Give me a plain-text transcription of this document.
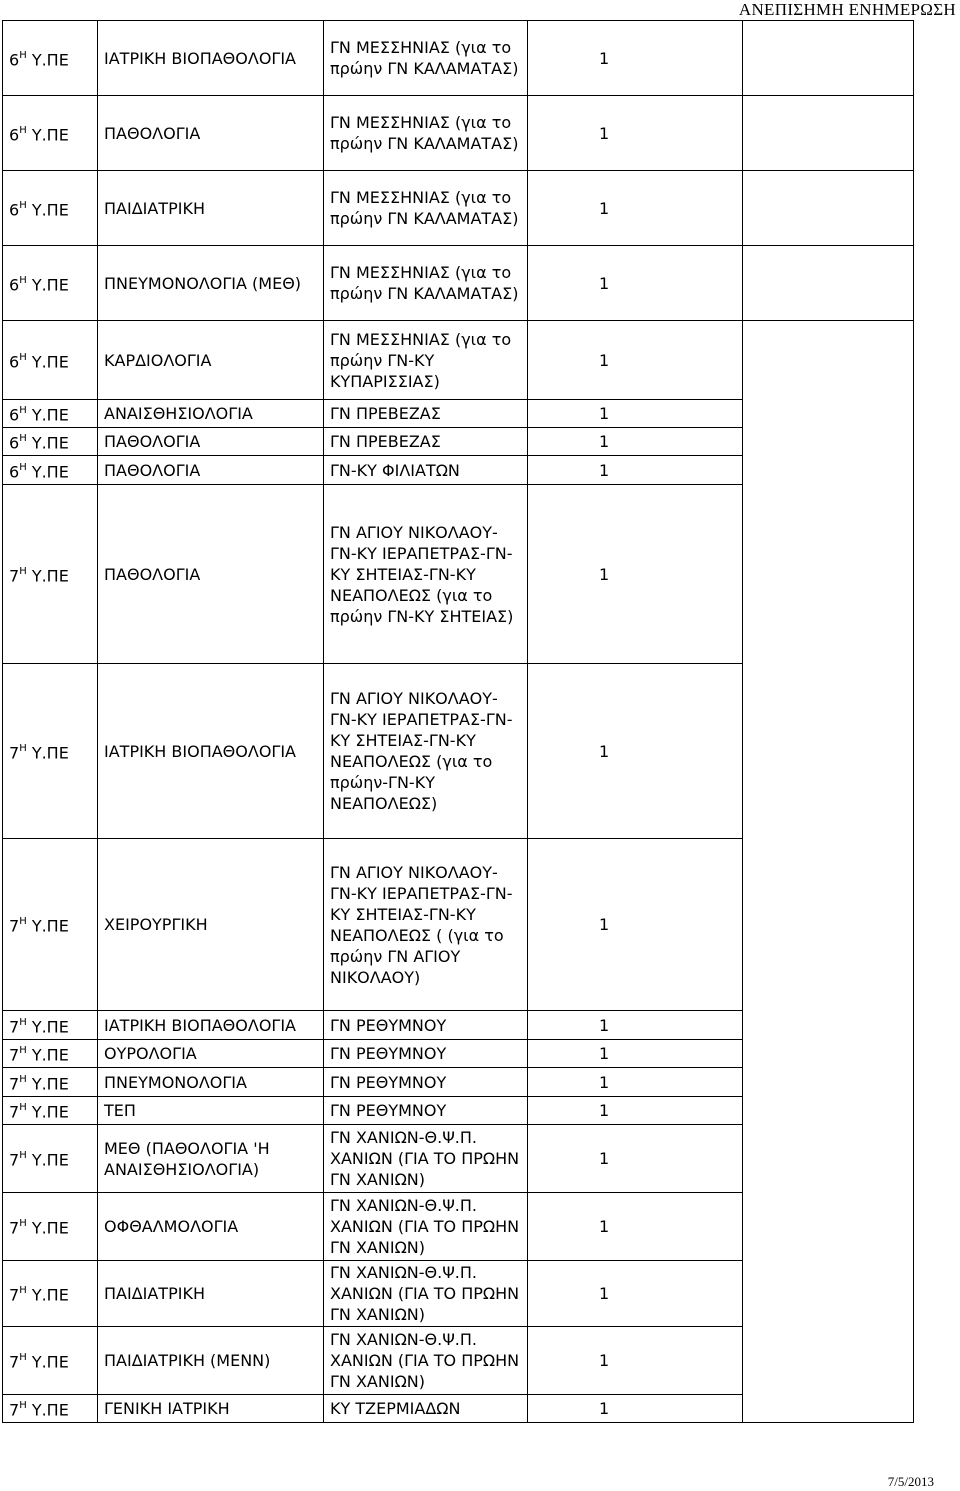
ΑΝΕΠΙΣΗΜΗ ΕΝΗΜΕΡΩΣΗ
$6^H$ Υ.ΠΕ	ΙΑΤΡΙΚΗ ΒΙΟΠΑΘΟΛΟΓΙΑ	ΓΝ ΜΕΣΣΗΝΙΑΣ (για το πρώην ΓΝ ΚΑΛΑΜΑΤΑΣ)	1	
$6^H$ Υ.ΠΕ	ΠΑΘΟΛΟΓΙΑ	ΓΝ ΜΕΣΣΗΝΙΑΣ (για το πρώην ΓΝ ΚΑΛΑΜΑΤΑΣ)	1	
$6^H$ Υ.ΠΕ	ΠΑΙΔΙΑΤΡΙΚΗ	ΓΝ ΜΕΣΣΗΝΙΑΣ (για το πρώην ΓΝ ΚΑΛΑΜΑΤΑΣ)	1	
$6^H$ Υ.ΠΕ	ΠΝΕΥΜΟΝΟΛΟΓΙΑ (ΜΕΘ)	ΓΝ ΜΕΣΣΗΝΙΑΣ (για το πρώην ΓΝ ΚΑΛΑΜΑΤΑΣ)	1	
$6^H$ Υ.ΠΕ	ΚΑΡΔΙΟΛΟΓΙΑ	ΓΝ ΜΕΣΣΗΝΙΑΣ (για το πρώην ΓΝ-ΚΥ ΚΥΠΑΡΙΣΣΙΑΣ)	1	
$6^H$ Υ.ΠΕ	ΑΝΑΙΣΘΗΣΙΟΛΟΓΙΑ	ΓΝ ΠΡΕΒΕΖΑΣ	1	
$6^H$ Υ.ΠΕ	ΠΑΘΟΛΟΓΙΑ	ΓΝ ΠΡΕΒΕΖΑΣ	1	
$6^H$ Υ.ΠΕ	ΠΑΘΟΛΟΓΙΑ	ΓΝ-ΚΥ ΦΙΛΙΑΤΩΝ	1	
$7^H$ Υ.ΠΕ	ΠΑΘΟΛΟΓΙΑ	ΓΝ ΑΓΙΟΥ ΝΙΚΟΛΑΟΥ-ΓΝ-ΚΥ ΙΕΡΑΠΕΤΡΑΣ-ΓΝ-ΚΥ ΣΗΤΕΙΑΣ-ΓΝ-ΚΥ ΝΕΑΠΟΛΕΩΣ (για το πρώην ΓΝ-ΚΥ ΣΗΤΕΙΑΣ)	1	
$7^H$ Υ.ΠΕ	ΙΑΤΡΙΚΗ ΒΙΟΠΑΘΟΛΟΓΙΑ	ΓΝ ΑΓΙΟΥ ΝΙΚΟΛΑΟΥ-ΓΝ-ΚΥ ΙΕΡΑΠΕΤΡΑΣ-ΓΝ-ΚΥ ΣΗΤΕΙΑΣ-ΓΝ-ΚΥ ΝΕΑΠΟΛΕΩΣ (για το πρώην-ΓΝ-ΚΥ ΝΕΑΠΟΛΕΩΣ)	1	
$7^H$ Υ.ΠΕ	ΧΕΙΡΟΥΡΓΙΚΗ	ΓΝ ΑΓΙΟΥ ΝΙΚΟΛΑΟΥ-ΓΝ-ΚΥ ΙΕΡΑΠΕΤΡΑΣ-ΓΝ-ΚΥ ΣΗΤΕΙΑΣ-ΓΝ-ΚΥ ΝΕΑΠΟΛΕΩΣ ( (για το πρώην ΓΝ ΑΓΙΟΥ ΝΙΚΟΛΑΟΥ)	1	
$7^H$ Υ.ΠΕ	ΙΑΤΡΙΚΗ ΒΙΟΠΑΘΟΛΟΓΙΑ	ΓΝ ΡΕΘΥΜΝΟΥ	1	
$7^H$ Υ.ΠΕ	ΟΥΡΟΛΟΓΙΑ	ΓΝ ΡΕΘΥΜΝΟΥ	1	
$7^H$ Υ.ΠΕ	ΠΝΕΥΜΟΝΟΛΟΓΙΑ	ΓΝ ΡΕΘΥΜΝΟΥ	1	
$7^H$ Υ.ΠΕ	ΤΕΠ	ΓΝ ΡΕΘΥΜΝΟΥ	1	
$7^H$ Υ.ΠΕ	ΜΕΘ (ΠΑΘΟΛΟΓΙΑ 'Η ΑΝΑΙΣΘΗΣΙΟΛΟΓΙΑ)	ΓΝ ΧΑΝΙΩΝ-Θ.Ψ.Π. ΧΑΝΙΩΝ (ΓΙΑ ΤΟ ΠΡΩΗΝ ΓΝ ΧΑΝΙΩΝ)	1	
$7^H$ Υ.ΠΕ	ΟΦΘΑΛΜΟΛΟΓΙΑ	ΓΝ ΧΑΝΙΩΝ-Θ.Ψ.Π. ΧΑΝΙΩΝ (ΓΙΑ ΤΟ ΠΡΩΗΝ ΓΝ ΧΑΝΙΩΝ)	1	
$7^H$ Υ.ΠΕ	ΠΑΙΔΙΑΤΡΙΚΗ	ΓΝ ΧΑΝΙΩΝ-Θ.Ψ.Π. ΧΑΝΙΩΝ (ΓΙΑ ΤΟ ΠΡΩΗΝ ΓΝ ΧΑΝΙΩΝ)	1	
$7^H$ Υ.ΠΕ	ΠΑΙΔΙΑΤΡΙΚΗ (ΜΕΝΝ)	ΓΝ ΧΑΝΙΩΝ-Θ.Ψ.Π. ΧΑΝΙΩΝ (ΓΙΑ ΤΟ ΠΡΩΗΝ ΓΝ ΧΑΝΙΩΝ)	1	
$7^H$ Υ.ΠΕ	ΓΕΝΙΚΗ ΙΑΤΡΙΚΗ	ΚΥ ΤΖΕΡΜΙΑΔΩΝ	1	
7/5/2013
